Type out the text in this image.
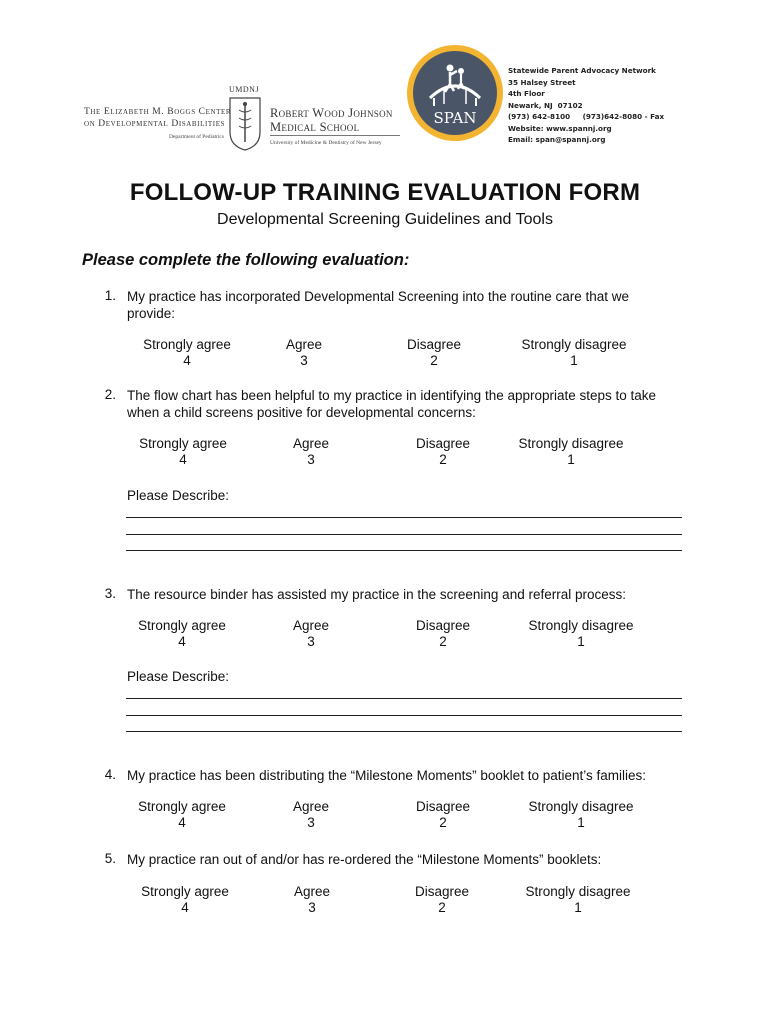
The Elizabeth M. Boggs Center
on Developmental Disabilities
Department of Pediatrics
UMDNJ
Robert Wood Johnson
Medical School
University of Medicine & Dentistry of New Jersey
SPAN
Statewide Parent Advocacy Network
35 Halsey Street
4th Floor
Newark, NJ  07102
(973) 642-8100     (973)642-8080 - Fax
Website: www.spannj.org
Email: span@spannj.org
FOLLOW-UP TRAINING EVALUATION FORM
Developmental Screening Guidelines and Tools
Please complete the following evaluation:
1. My practice has incorporated Developmental Screening into the routine care that we
provide:
Strongly agree
4
Agree
3
Disagree
2
Strongly disagree
1
2. The flow chart has been helpful to my practice in identifying the appropriate steps to take
when a child screens positive for developmental concerns:
Strongly agree
4
Agree
3
Disagree
2
Strongly disagree
1
Please Describe:
3. The resource binder has assisted my practice in the screening and referral process:
Strongly agree
4
Agree
3
Disagree
2
Strongly disagree
1
Please Describe:
4. My practice has been distributing the “Milestone Moments” booklet to patient’s families:
Strongly agree
4
Agree
3
Disagree
2
Strongly disagree
1
5. My practice ran out of and/or has re-ordered the “Milestone Moments” booklets:
Strongly agree
4
Agree
3
Disagree
2
Strongly disagree
1
